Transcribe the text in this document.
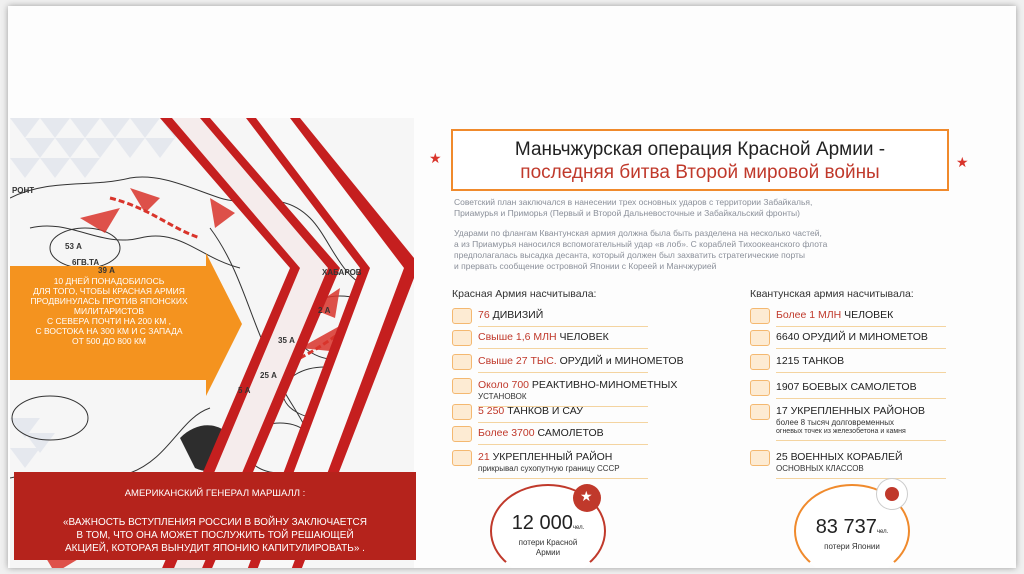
РОНТ
53 А
6ГВ.ТА
39 А	ХАБАРОВ
2 А
35 А
25 А
5 А
10 ДНЕЙ ПОНАДОБИЛОСЬ
ДЛЯ ТОГО, ЧТОБЫ КРАСНАЯ АРМИЯ
ПРОДВИНУЛАСЬ ПРОТИВ ЯПОНСКИХ
МИЛИТАРИСТОВ
С СЕВЕРА ПОЧТИ НА 200 КМ ,
С ВОСТОКА НА 300 КМ И С ЗАПАДА
ОТ 500 ДО 800 КМ
АМЕРИКАНСКИЙ ГЕНЕРАЛ МАРШАЛЛ :
«ВАЖНОСТЬ ВСТУПЛЕНИЯ РОССИИ В ВОЙНУ ЗАКЛЮЧАЕТСЯ
В ТОМ, ЧТО ОНА МОЖЕТ ПОСЛУЖИТЬ ТОЙ РЕШАЮЩЕЙ
АКЦИЕЙ, КОТОРАЯ ВЫНУДИТ ЯПОНИЮ КАПИТУЛИРОВАТЬ» .
★	★
Маньчжурская операция Красной Армии -
последняя битва Второй мировой войны
Советский план заключался в нанесении трех основных ударов с территории Забайкалья,
Приамурья и Приморья (Первый и Второй Дальневосточные и Забайкальский фронты)
Ударами по флангам Квантунская армия должна была быть разделена на несколько частей,
а из Приамурья наносился вспомогательный удар «в лоб». С кораблей Тихоокеанского флота
предполагалась высадка десанта, который должен был захватить стратегические порты
и прервать сообщение островной Японии с Кореей и Манчжурией
Красная Армия насчитывала:
76 ДИВИЗИЙ
Свыше 1,6 МЛН ЧЕЛОВЕК
Свыше 27 ТЫС. ОРУДИЙ и МИНОМЕТОВ
Около 700 РЕАКТИВНО-МИНОМЕТНЫХ
УСТАНОВОК
5 250 ТАНКОВ И САУ
Более 3700 САМОЛЕТОВ
21 УКРЕПЛЕННЫЙ РАЙОН
прикрывал сухопутную границу СССР
Квантунская армия насчитывала:
Более 1 МЛН ЧЕЛОВЕК
6640 ОРУДИЙ И МИНОМЕТОВ
1215 ТАНКОВ
1907 БОЕВЫХ САМОЛЕТОВ
17 УКРЕПЛЕННЫХ РАЙОНОВ
более 8 тысяч долговременных
огневых точек из железобетона и камня
25 ВОЕННЫХ КОРАБЛЕЙ
ОСНОВНЫХ КЛАССОВ
12 000чел.
потери Красной
Армии
★
83 737чел.
потери Японии
